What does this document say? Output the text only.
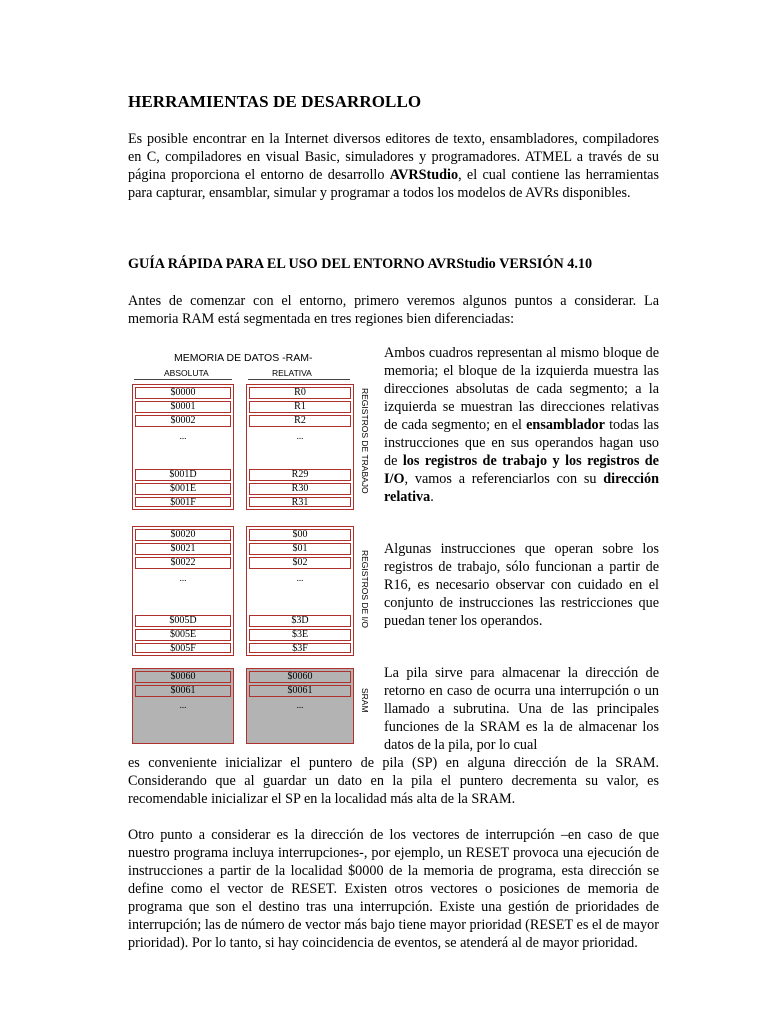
HERRAMIENTAS DE DESARROLLO

Es posible encontrar en la Internet diversos editores de texto, ensambladores, compiladores en C, compiladores en visual Basic, simuladores y programadores. ATMEL a través de su página proporciona el entorno de desarrollo AVRStudio, el cual contiene las herramientas para capturar, ensamblar, simular y programar a todos los modelos de AVRs disponibles.

GUÍA RÁPIDA PARA EL USO DEL ENTORNO AVRStudio VERSIÓN 4.10

Antes de comenzar con el entorno, primero veremos algunos puntos a considerar. La memoria RAM está segmentada en tres regiones bien diferenciadas:

Ambos cuadros representan al mismo bloque de memoria; el bloque de la izquierda muestra las direcciones absolutas de cada segmento; a la izquierda se muestran las direcciones relativas de cada segmento; en el ensamblador todas las instrucciones que en sus operandos hagan uso de los registros de trabajo y los registros de I/O, vamos a referenciarlos con su dirección relativa.

Algunas instrucciones que operan sobre los registros de trabajo, sólo funcionan a partir de R16, es necesario observar con cuidado en el conjunto de instrucciones las restricciones que puedan tener los operandos.

La pila sirve para almacenar la dirección de retorno en caso de ocurra una interrupción o un llamado a subrutina. Una de las principales funciones de la SRAM es la de almacenar los datos de la pila, por lo cual

es conveniente inicializar el puntero de pila (SP) en alguna dirección de la SRAM. Considerando que al guardar un dato en la pila el puntero decrementa su valor, es recomendable inicializar el SP en la localidad más alta de la SRAM.

Otro punto a considerar es la dirección de los vectores de interrupción –en caso de que nuestro programa incluya interrupciones-, por ejemplo, un RESET provoca una ejecución de instrucciones a partir de la localidad $0000 de la memoria de programa, esta dirección se define como el vector de RESET. Existen otros vectores o posiciones de memoria de programa que son el destino tras una interrupción. Existe una gestión de prioridades de interrupción; las de número de vector más bajo tiene mayor prioridad (RESET es el de mayor prioridad). Por lo tanto, si hay coincidencia de eventos, se atenderá al de mayor prioridad.

MEMORIA DE DATOS -RAM-
ABSOLUTA	RELATIVA
$0000
$0001
$0002
...
$001D
$001E
$001F
R0
R1
R2
...
R29
R30
R31
REGISTROS DE TRABAJO
$0020
$0021
$0022
...
$005D
$005E
$005F
$00
$01
$02
...
$3D
$3E
$3F
REGISTROS DE I/O
$0060
$0061
...
$0060
$0061
...	SRAM
